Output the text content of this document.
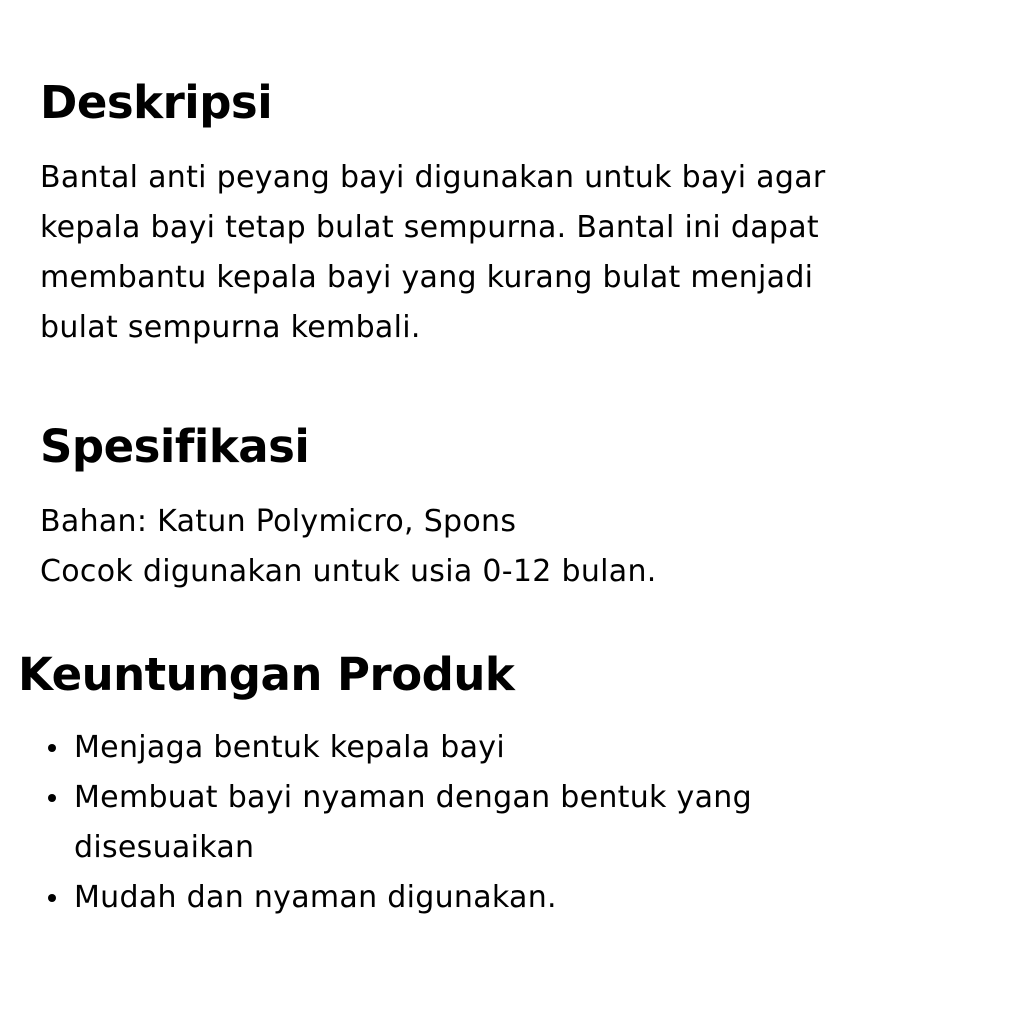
Deskripsi

Bantal anti peyang bayi digunakan untuk bayi agar
kepala bayi tetap bulat sempurna. Bantal ini dapat
membantu kepala bayi yang kurang bulat menjadi
bulat sempurna kembali.

Spesifikasi

Bahan: Katun Polymicro, Spons
Cocok digunakan untuk usia 0-12 bulan.

Keuntungan Produk
Menjaga bentuk kepala bayi
Membuat bayi nyaman dengan bentuk yang
disesuaikan
Mudah dan nyaman digunakan.
